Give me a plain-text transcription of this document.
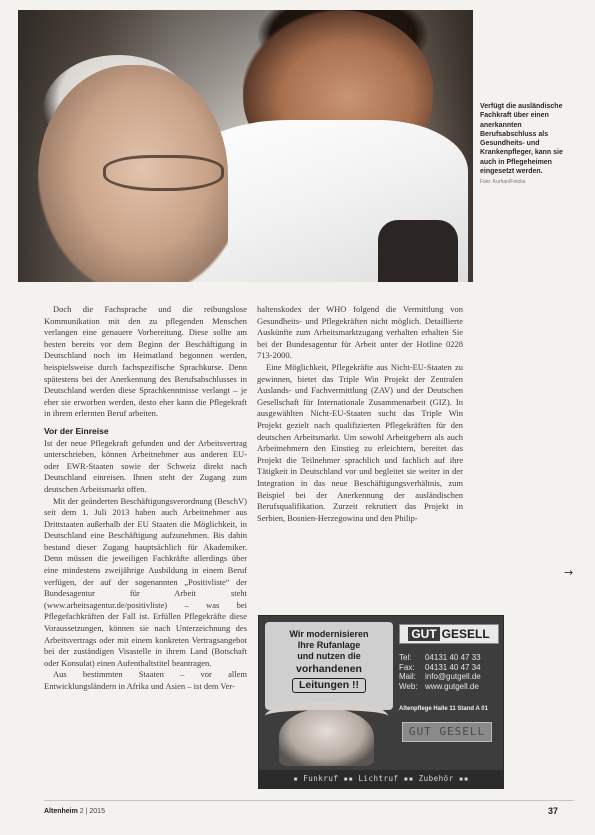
Verfügt die ausländische Fachkraft über einen anerkannten Berufsabschluss als Gesundheits- und Krankenpfleger, kann sie auch in Pflegeheimen eingesetzt werden.
Foto: Kurhan/Fotolia

Doch die Fachsprache und die reibungslose Kommunikation mit den zu pflegenden Menschen verlangen eine genauere Vorbereitung. Diese sollte am besten bereits vor dem Beginn der Beschäftigung in Deutschland noch im Heimatland begonnen werden, beispielsweise durch fachspezifische Sprachkurse. Denn spätestens bei der Anerkennung des Berufsabschlusses in Deutschland werden diese Sprachkenntnisse verlangt – je eher sie erworben werden, desto eher kann die Pflegekraft in ihrem erlernten Beruf arbeiten.

Vor der Einreise

Ist der neue Pflegekraft gefunden und der Arbeitsvertrag unterschrieben, können Arbeitnehmer aus anderen EU- oder EWR-Staaten sowie der Schweiz direkt nach Deutschland einreisen. Ihnen steht der Zugang zum deutschen Arbeitsmarkt offen.

Mit der geänderten Beschäftigungsverordnung (BeschV) seit dem 1. Juli 2013 haben auch Arbeitnehmer aus Drittstaaten außerhalb der EU Staaten die Möglichkeit, in Deutschland eine Beschäftigung aufzunehmen. Bis dahin bestand dieser Zugang hauptsächlich für Akademiker. Denn müssen die jeweiligen Fachkräfte allerdings über eine mindestens zweijährige Ausbildung in einem Beruf verfügen, der auf der sogenannten „Positivliste“ der Bundesagentur für Arbeit steht (www.arbeitsagentur.de/positivliste) – was bei Pflegefachkräften der Fall ist. Erfüllen Pflegekräfte diese Voraussetzungen, können sie nach Unterzeichnung des Arbeitsvertrags oder mit einem konkreten Vertragsangebot bei der zuständigen Visastelle in ihrem Land (Botschaft oder Konsulat) einen Aufenthaltstitel beantragen.

Aus bestimmten Staaten – vor allem Entwicklungsländern in Afrika und Asien – ist dem Ver-

haltenskodex der WHO folgend die Vermittlung von Gesundheits- und Pflegekräften nicht möglich. Detaillierte Auskünfte zum Arbeitsmarktzugang verhalten erhalten Sie bei der Bundesagentur für Arbeit unter der Hotline 0228 713-2000.

Eine Möglichkeit, Pflegekräfte aus Nicht-EU-Staaten zu gewinnen, bietet das Triple Win Projekt der Zentralen Auslands- und Fachvermittlung (ZAV) und der Deutschen Gesellschaft für Internationale Zusammenarbeit (GIZ). In ausgewählten Nicht-EU-Staaten sucht das Triple Win Projekt gezielt nach qualifizierten Pflegekräften für den deutschen Arbeitsmarkt. Um sowohl Arbeitgebern als auch Arbeitnehmern den Einstieg zu erleichtern, bereitet das Projekt die Teilnehmer sprachlich und fachlich auf ihre Tätigkeit in Deutschland vor und begleitet sie weiter in der Integration in das neue Beschäftigungsverhältnis, zum Beispiel bei der Anerkennung der ausländischen Berufsqualifikation. Zurzeit rekrutiert das Projekt in Serbien, Bosnien-Herzegowina und den Philip-

→
Wir modernisieren
Ihre Rufanlage
und nutzen die
vorhandenen
Leitungen !!
GUT GESELL
Tel:	04131 40 47 33
Fax:	04131 40 47 34
Mail:	info@gutgell.de
Web: www.gutgell.de
Altenpflege Halle 11 Stand A 01
GUT GESELL
▪ Funkruf ▪▪ Lichtruf ▪▪ Zubehör ▪▪
Altenheim 2 | 2015	37
